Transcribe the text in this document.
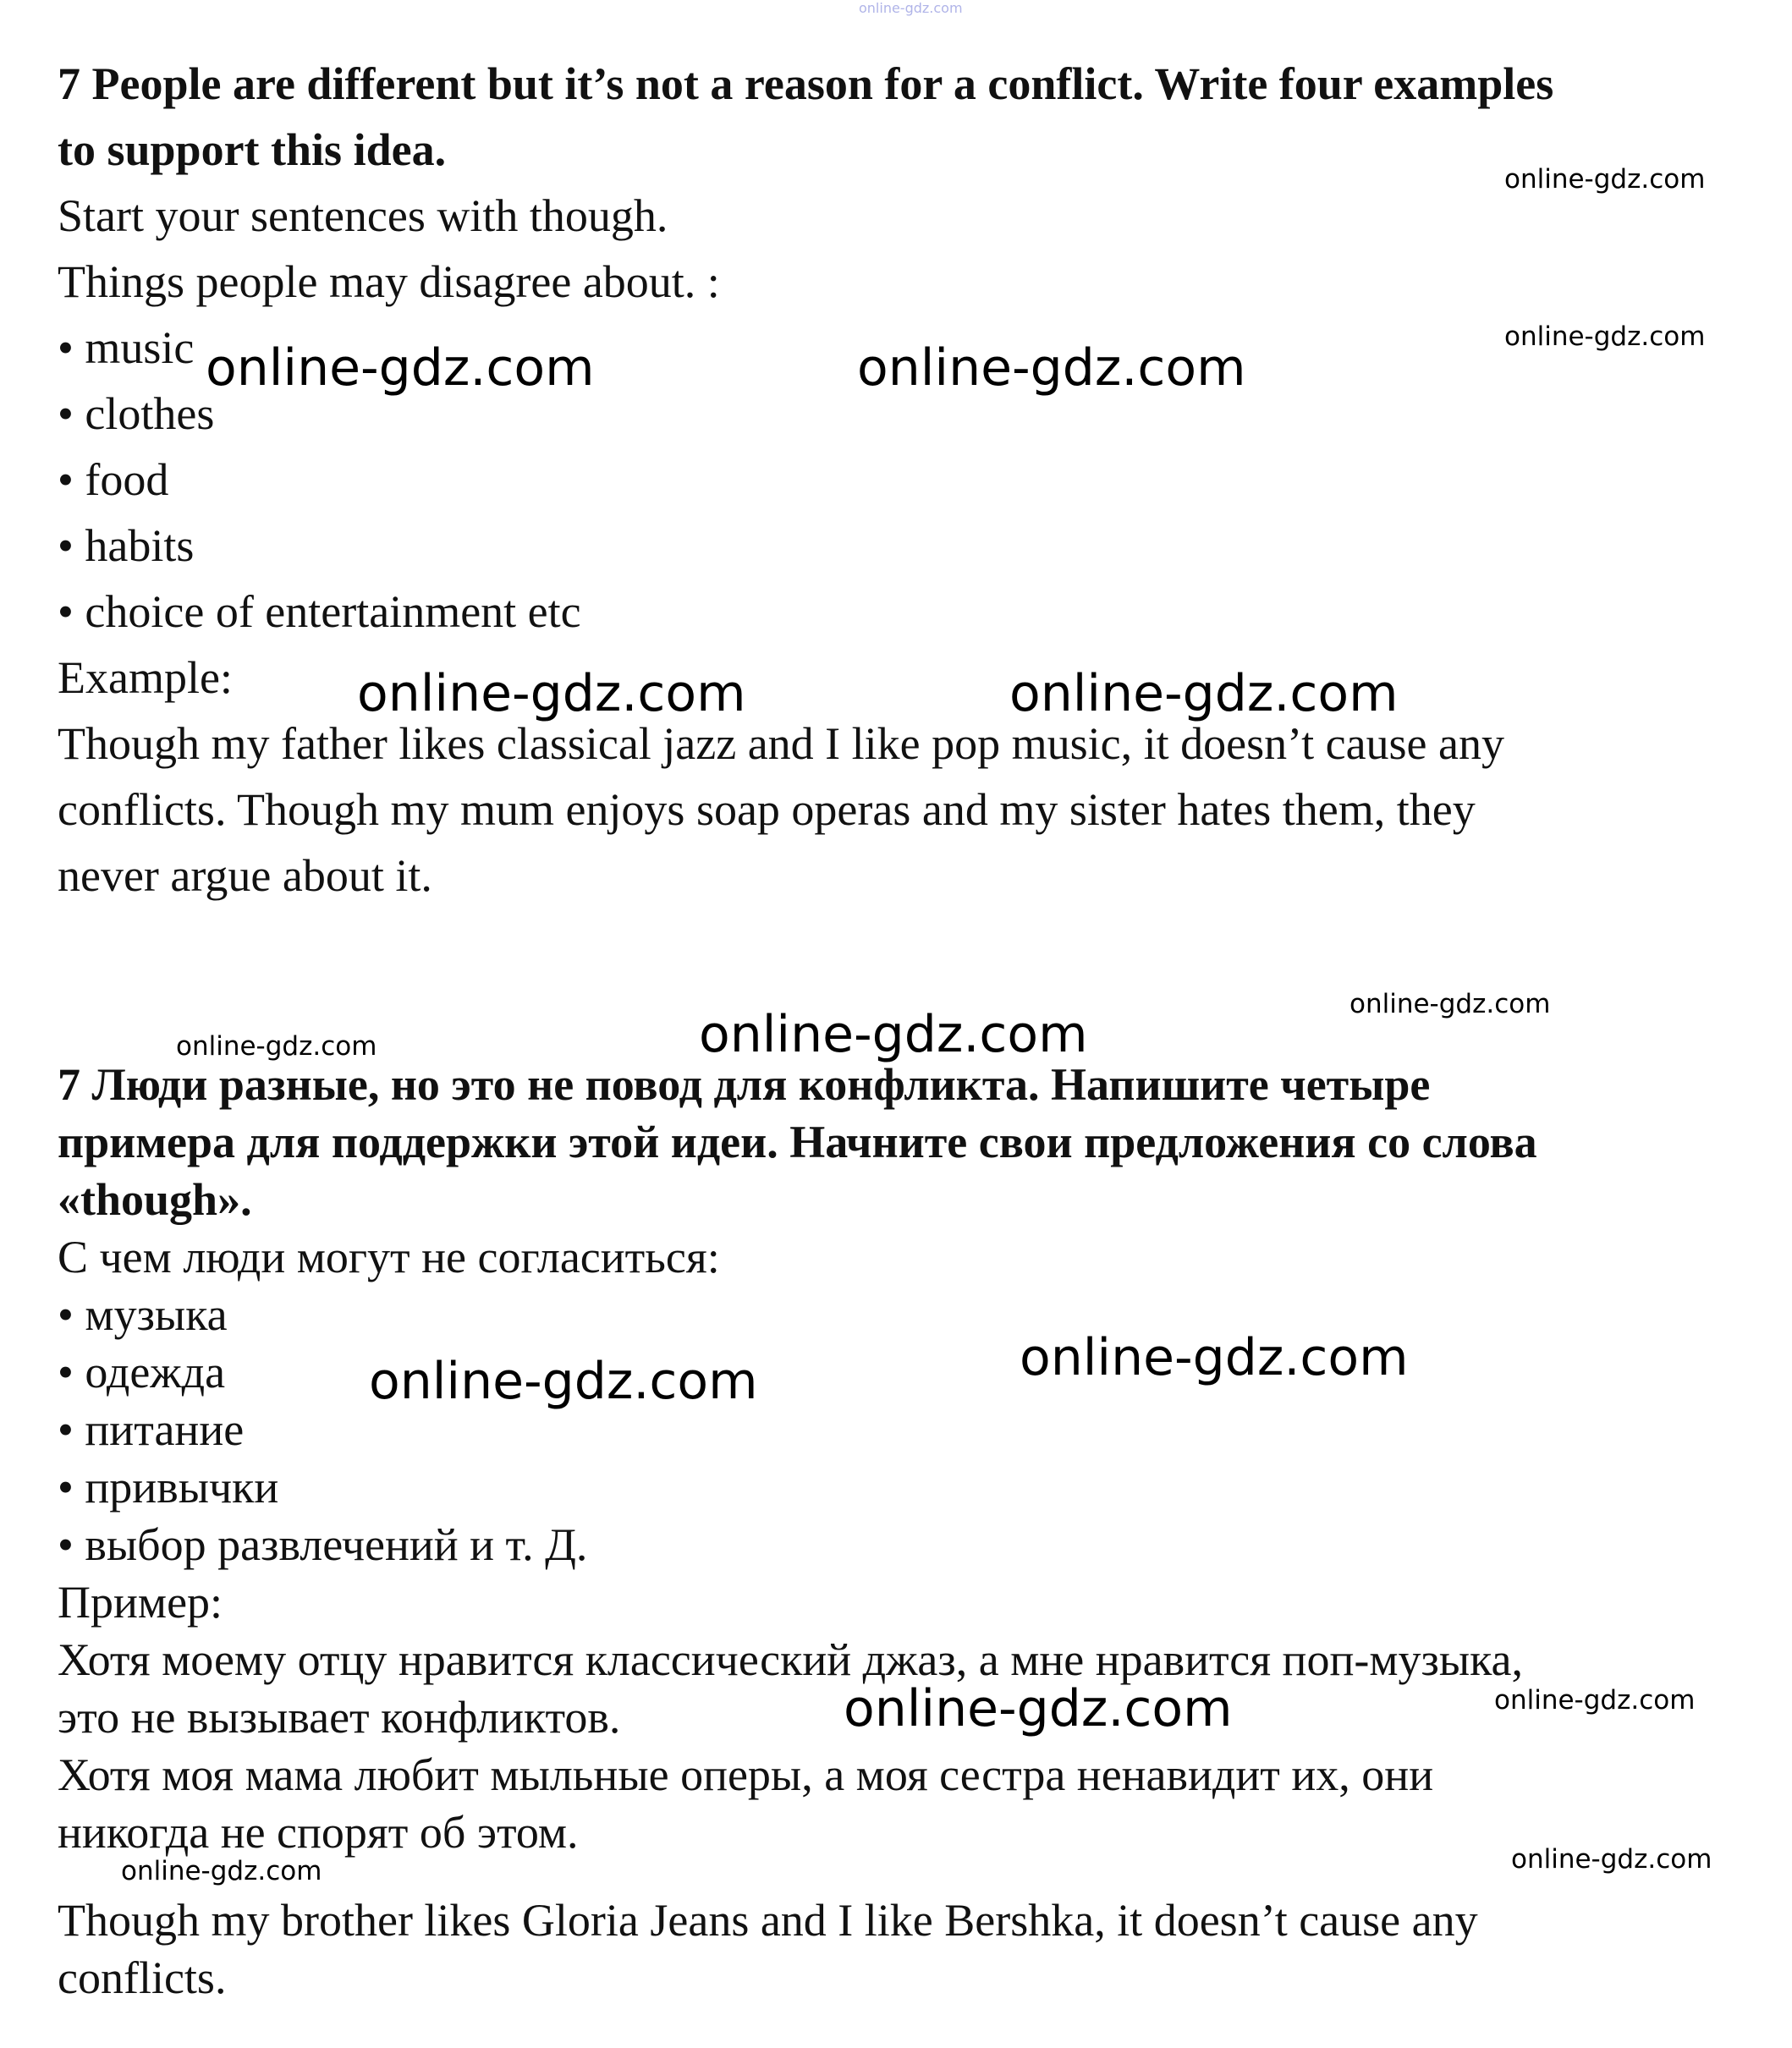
7 People are different but it’s not a reason for a conflict. Write four examples
to support this idea.
Start your sentences with though.
Things people may disagree about. :
• music
• clothes
• food
• habits
• choice of entertainment etc
Example:
Though my father likes classical jazz and I like pop music, it doesn’t cause any
conflicts. Though my mum enjoys soap operas and my sister hates them, they
never argue about it.
7 Люди разные, но это не повод для конфликта. Напишите четыре
примера для поддержки этой идеи. Начните свои предложения со слова
«though».
С чем люди могут не согласиться:
• музыка
• одежда
• питание
• привычки
• выбор развлечений и т. Д.
Пример:
Хотя моему отцу нравится классический джаз, а мне нравится поп-музыка,
это не вызывает конфликтов.
Хотя моя мама любит мыльные оперы, а моя сестра ненавидит их, они
никогда не спорят об этом.
Though my brother likes Gloria Jeans and I like Bershka, it doesn’t cause any
conflicts.
online-gdz.com
online-gdz.com
online-gdz.com
online-gdz.com	online-gdz.com
online-gdz.com	online-gdz.com
online-gdz.com
online-gdz.com
online-gdz.com
online-gdz.com
online-gdz.com
online-gdz.com	online-gdz.com
online-gdz.com
online-gdz.com
